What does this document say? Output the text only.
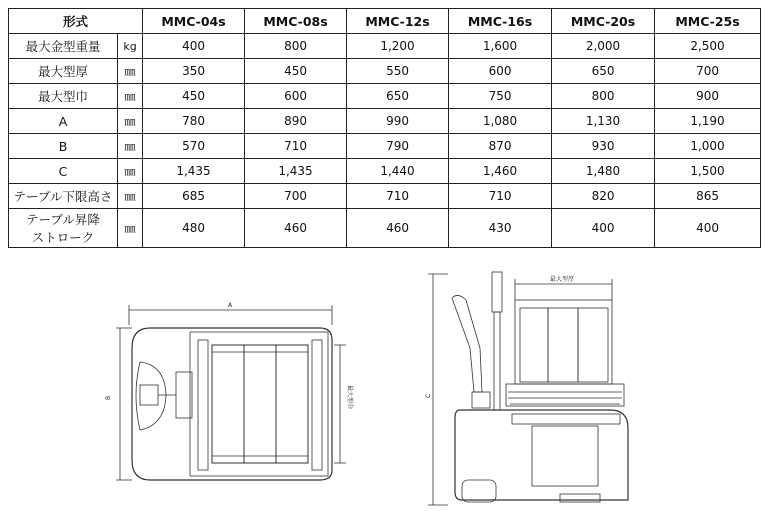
形式		MMC-04s	MMC-08s	MMC-12s	MMC-16s	MMC-20s	MMC-25s
最大金型重量	kg	400	800	1,200	1,600	2,000	2,500
最大型厚	㎜	350	450	550	600	650	700
最大型巾	㎜	450	600	650	750	800	900
A	㎜	780	890	990	1,080	1,130	1,190
B	㎜	570	710	790	870	930	1,000
C	㎜	1,435	1,435	1,440	1,460	1,480	1,500
テーブル下限高さ	㎜	685	700	710	710	820	865
テーブル昇降
ストローク	㎜	480	460	460	430	400	400
A
B	最大型巾	C
最大型厚
